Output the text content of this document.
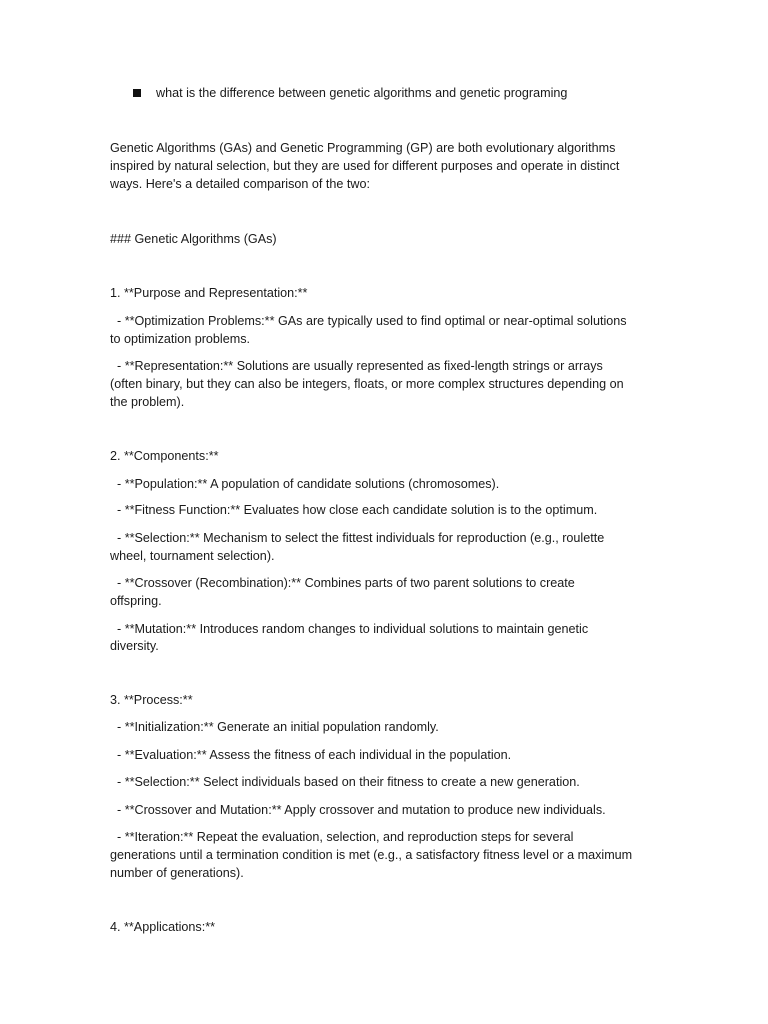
what is the difference between genetic algorithms and genetic programing
Genetic Algorithms (GAs) and Genetic Programming (GP) are both evolutionary algorithms
inspired by natural selection, but they are used for different purposes and operate in distinct
ways. Here's a detailed comparison of the two:
### Genetic Algorithms (GAs)
1. **Purpose and Representation:**
- **Optimization Problems:** GAs are typically used to find optimal or near-optimal solutions
to optimization problems.
- **Representation:** Solutions are usually represented as fixed-length strings or arrays
(often binary, but they can also be integers, floats, or more complex structures depending on
the problem).
2. **Components:**
- **Population:** A population of candidate solutions (chromosomes).
- **Fitness Function:** Evaluates how close each candidate solution is to the optimum.
- **Selection:** Mechanism to select the fittest individuals for reproduction (e.g., roulette
wheel, tournament selection).
- **Crossover (Recombination):** Combines parts of two parent solutions to create
offspring.
- **Mutation:** Introduces random changes to individual solutions to maintain genetic
diversity.
3. **Process:**
- **Initialization:** Generate an initial population randomly.
- **Evaluation:** Assess the fitness of each individual in the population.
- **Selection:** Select individuals based on their fitness to create a new generation.
- **Crossover and Mutation:** Apply crossover and mutation to produce new individuals.
- **Iteration:** Repeat the evaluation, selection, and reproduction steps for several
generations until a termination condition is met (e.g., a satisfactory fitness level or a maximum
number of generations).
4. **Applications:**
